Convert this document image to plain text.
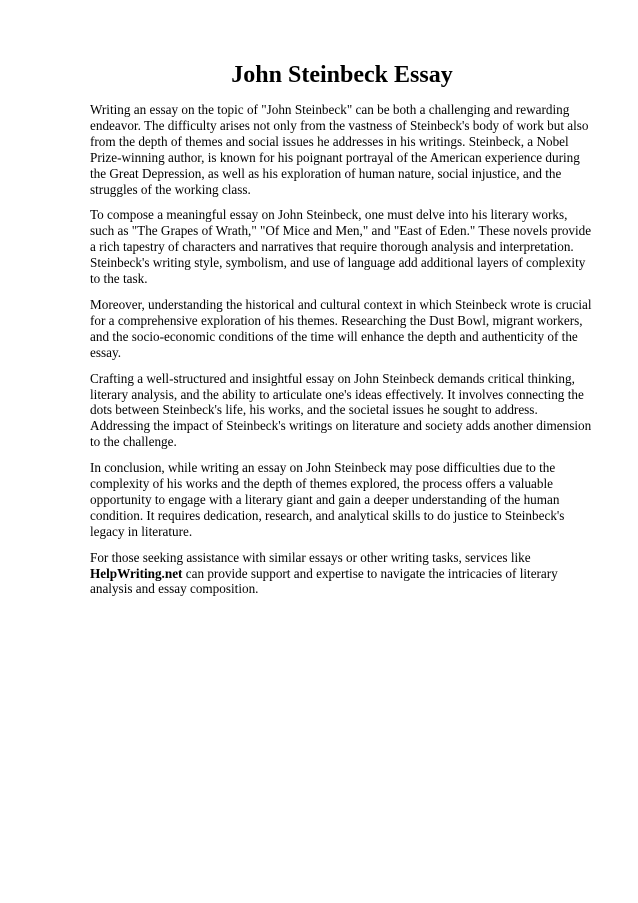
John Steinbeck Essay

Writing an essay on the topic of "John Steinbeck" can be both a challenging and rewarding endeavor. The difficulty arises not only from the vastness of Steinbeck's body of work but also from the depth of themes and social issues he addresses in his writings. Steinbeck, a Nobel Prize-winning author, is known for his poignant portrayal of the American experience during the Great Depression, as well as his exploration of human nature, social injustice, and the struggles of the working class.

To compose a meaningful essay on John Steinbeck, one must delve into his literary works, such as "The Grapes of Wrath," "Of Mice and Men," and "East of Eden." These novels provide a rich tapestry of characters and narratives that require thorough analysis and interpretation. Steinbeck's writing style, symbolism, and use of language add additional layers of complexity to the task.

Moreover, understanding the historical and cultural context in which Steinbeck wrote is crucial for a comprehensive exploration of his themes. Researching the Dust Bowl, migrant workers, and the socio-economic conditions of the time will enhance the depth and authenticity of the essay.

Crafting a well-structured and insightful essay on John Steinbeck demands critical thinking, literary analysis, and the ability to articulate one's ideas effectively. It involves connecting the dots between Steinbeck's life, his works, and the societal issues he sought to address. Addressing the impact of Steinbeck's writings on literature and society adds another dimension to the challenge.

In conclusion, while writing an essay on John Steinbeck may pose difficulties due to the complexity of his works and the depth of themes explored, the process offers a valuable opportunity to engage with a literary giant and gain a deeper understanding of the human condition. It requires dedication, research, and analytical skills to do justice to Steinbeck's legacy in literature.

For those seeking assistance with similar essays or other writing tasks, services like HelpWriting.net can provide support and expertise to navigate the intricacies of literary analysis and essay composition.
